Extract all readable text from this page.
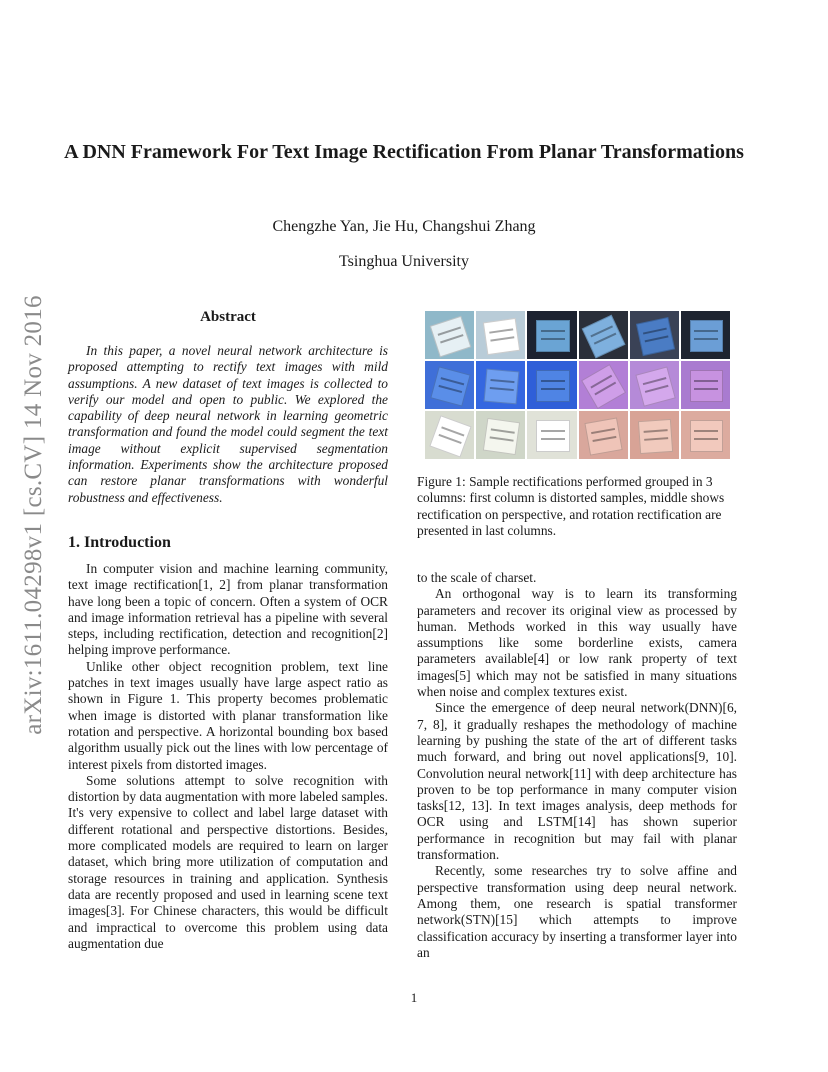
arXiv:1611.04298v1 [cs.CV] 14 Nov 2016
A DNN Framework For Text Image Rectification From Planar Transformations
Chengzhe Yan, Jie Hu, Changshui Zhang
Tsinghua University
Abstract

In this paper, a novel neural network architecture is proposed attempting to rectify text images with mild assumptions. A new dataset of text images is collected to verify our model and open to public. We explored the capability of deep neural network in learning geometric transformation and found the model could segment the text image without explicit supervised segmentation information. Experiments show the architecture proposed can restore planar transformations with wonderful robustness and effectiveness.

1. Introduction

In computer vision and machine learning community, text image rectification[1, 2] from planar transformation have long been a topic of concern. Often a system of OCR and image information retrieval has a pipeline with several steps, including rectification, detection and recognition[2] helping improve performance.

Unlike other object recognition problem, text line patches in text images usually have large aspect ratio as shown in Figure 1. This property becomes problematic when image is distorted with planar transformation like rotation and perspective. A horizontal bounding box based algorithm usually pick out the lines with low percentage of interest pixels from distorted images.

Some solutions attempt to solve recognition with distortion by data augmentation with more labeled samples. It's very expensive to collect and label large dataset with different rotational and perspective distortions. Besides, more complicated models are required to learn on larger dataset, which bring more utilization of computation and storage resources in training and application. Synthesis data are recently proposed and used in learning scene text images[3]. For Chinese characters, this would be difficult and impractical to overcome this problem using data augmentation due

Figure 1: Sample rectifications performed grouped in 3 columns: first column is distorted samples, middle shows rectification on perspective, and rotation rectification are presented in last columns.

to the scale of charset.

An orthogonal way is to learn its transforming parameters and recover its original view as processed by human. Methods worked in this way usually have assumptions like some borderline exists, camera parameters available[4] or low rank property of text images[5] which may not be satisfied in many situations when noise and complex textures exist.

Since the emergence of deep neural network(DNN)[6, 7, 8], it gradually reshapes the methodology of machine learning by pushing the state of the art of different tasks much forward, and bring out novel applications[9, 10]. Convolution neural network[11] with deep architecture has proven to be top performance in many computer vision tasks[12, 13]. In text images analysis, deep methods for OCR using and LSTM[14] has shown superior performance in recognition but may fail with planar transformation.

Recently, some researches try to solve affine and perspective transformation using deep neural network. Among them, one research is spatial transformer network(STN)[15] which attempts to improve classification accuracy by inserting a transformer layer into an

1
